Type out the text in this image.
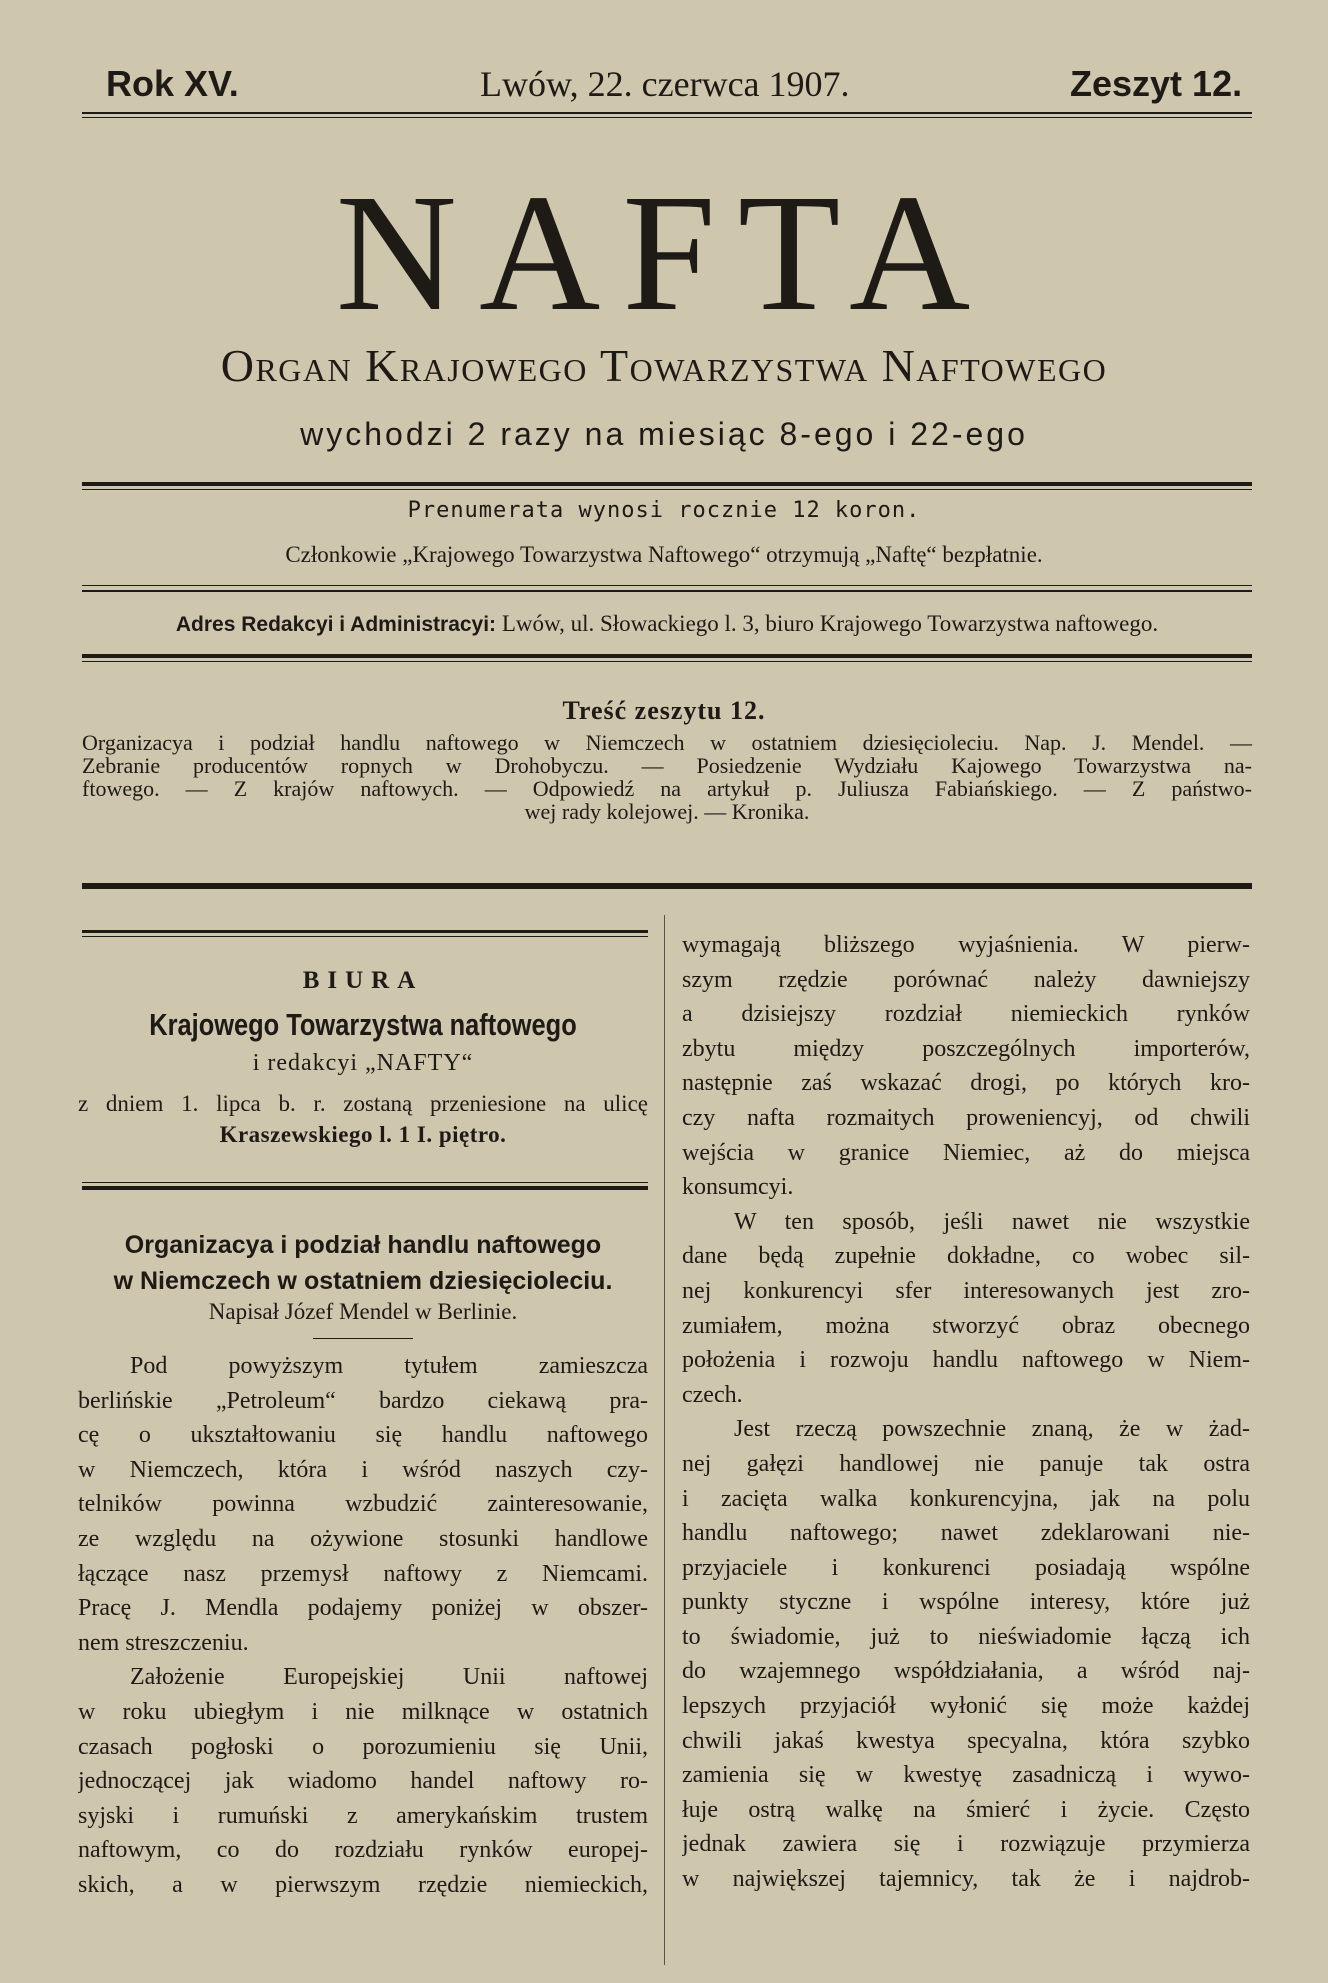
Rok XV.	Lwów, 22. czerwca 1907.	Zeszyt 12.
NAFTA
Organ Krajowego Towarzystwa Naftowego
wychodzi 2 razy na miesiąc 8-ego i 22-ego
Prenumerata wynosi rocznie 12 koron.
Członkowie „Krajowego Towarzystwa Naftowego“ otrzymują „Naftę“ bezpłatnie.
Adres Redakcyi i Administracyi: Lwów, ul. Słowackiego l. 3, biuro Krajowego Towarzystwa naftowego.
Treść zeszytu 12.
Organizacya i podział handlu naftowego w Niemczech w ostatniem dziesięcioleciu. Nap. J. Mendel. —
Zebranie producentów ropnych w Drohobyczu. — Posiedzenie Wydziału Kajowego Towarzystwa na-
ftowego. — Z krajów naftowych. — Odpowiedź na artykuł p. Juliusza Fabiańskiego. — Z państwo-
wej rady kolejowej. — Kronika.
BIURA
Krajowego Towarzystwa naftowego
i redakcyi „NAFTY“
z dniem 1. lipca b. r. zostaną przeniesione na ulicę
Kraszewskiego l. 1 I. piętro.
Organizacya i podział handlu naftowego
w Niemczech w ostatniem dziesięcioleciu.
Napisał Józef Mendel w Berlinie.
Pod powyższym tytułem zamieszcza
berlińskie „Petroleum“ bardzo ciekawą pra-
cę o ukształtowaniu się handlu naftowego
w Niemczech, która i wśród naszych czy-
telników powinna wzbudzić zainteresowanie,
ze względu na ożywione stosunki handlowe
łączące nasz przemysł naftowy z Niemcami.
Pracę J. Mendla podajemy poniżej w obszer-
nem streszczeniu.
Założenie Europejskiej Unii naftowej
w roku ubiegłym i nie milknące w ostatnich
czasach pogłoski o porozumieniu się Unii,
jednoczącej jak wiadomo handel naftowy ro-
syjski i rumuński z amerykańskim trustem
naftowym, co do rozdziału rynków europej-
skich, a w pierwszym rzędzie niemieckich,
wymagają bliższego wyjaśnienia. W pierw-
szym rzędzie porównać należy dawniejszy
a dzisiejszy rozdział niemieckich rynków
zbytu między poszczególnych importerów,
następnie zaś wskazać drogi, po których kro-
czy nafta rozmaitych proweniencyj, od chwili
wejścia w granice Niemiec, aż do miejsca
konsumcyi.
W ten sposób, jeśli nawet nie wszystkie
dane będą zupełnie dokładne, co wobec sil-
nej konkurencyi sfer interesowanych jest zro-
zumiałem, można stworzyć obraz obecnego
położenia i rozwoju handlu naftowego w Niem-
czech.
Jest rzeczą powszechnie znaną, że w żad-
nej gałęzi handlowej nie panuje tak ostra
i zacięta walka konkurencyjna, jak na polu
handlu naftowego; nawet zdeklarowani nie-
przyjaciele i konkurenci posiadają wspólne
punkty styczne i wspólne interesy, które już
to świadomie, już to nieświadomie łączą ich
do wzajemnego współdziałania, a wśród naj-
lepszych przyjaciół wyłonić się może każdej
chwili jakaś kwestya specyalna, która szybko
zamienia się w kwestyę zasadniczą i wywo-
łuje ostrą walkę na śmierć i życie. Często
jednak zawiera się i rozwiązuje przymierza
w największej tajemnicy, tak że i najdrob-
